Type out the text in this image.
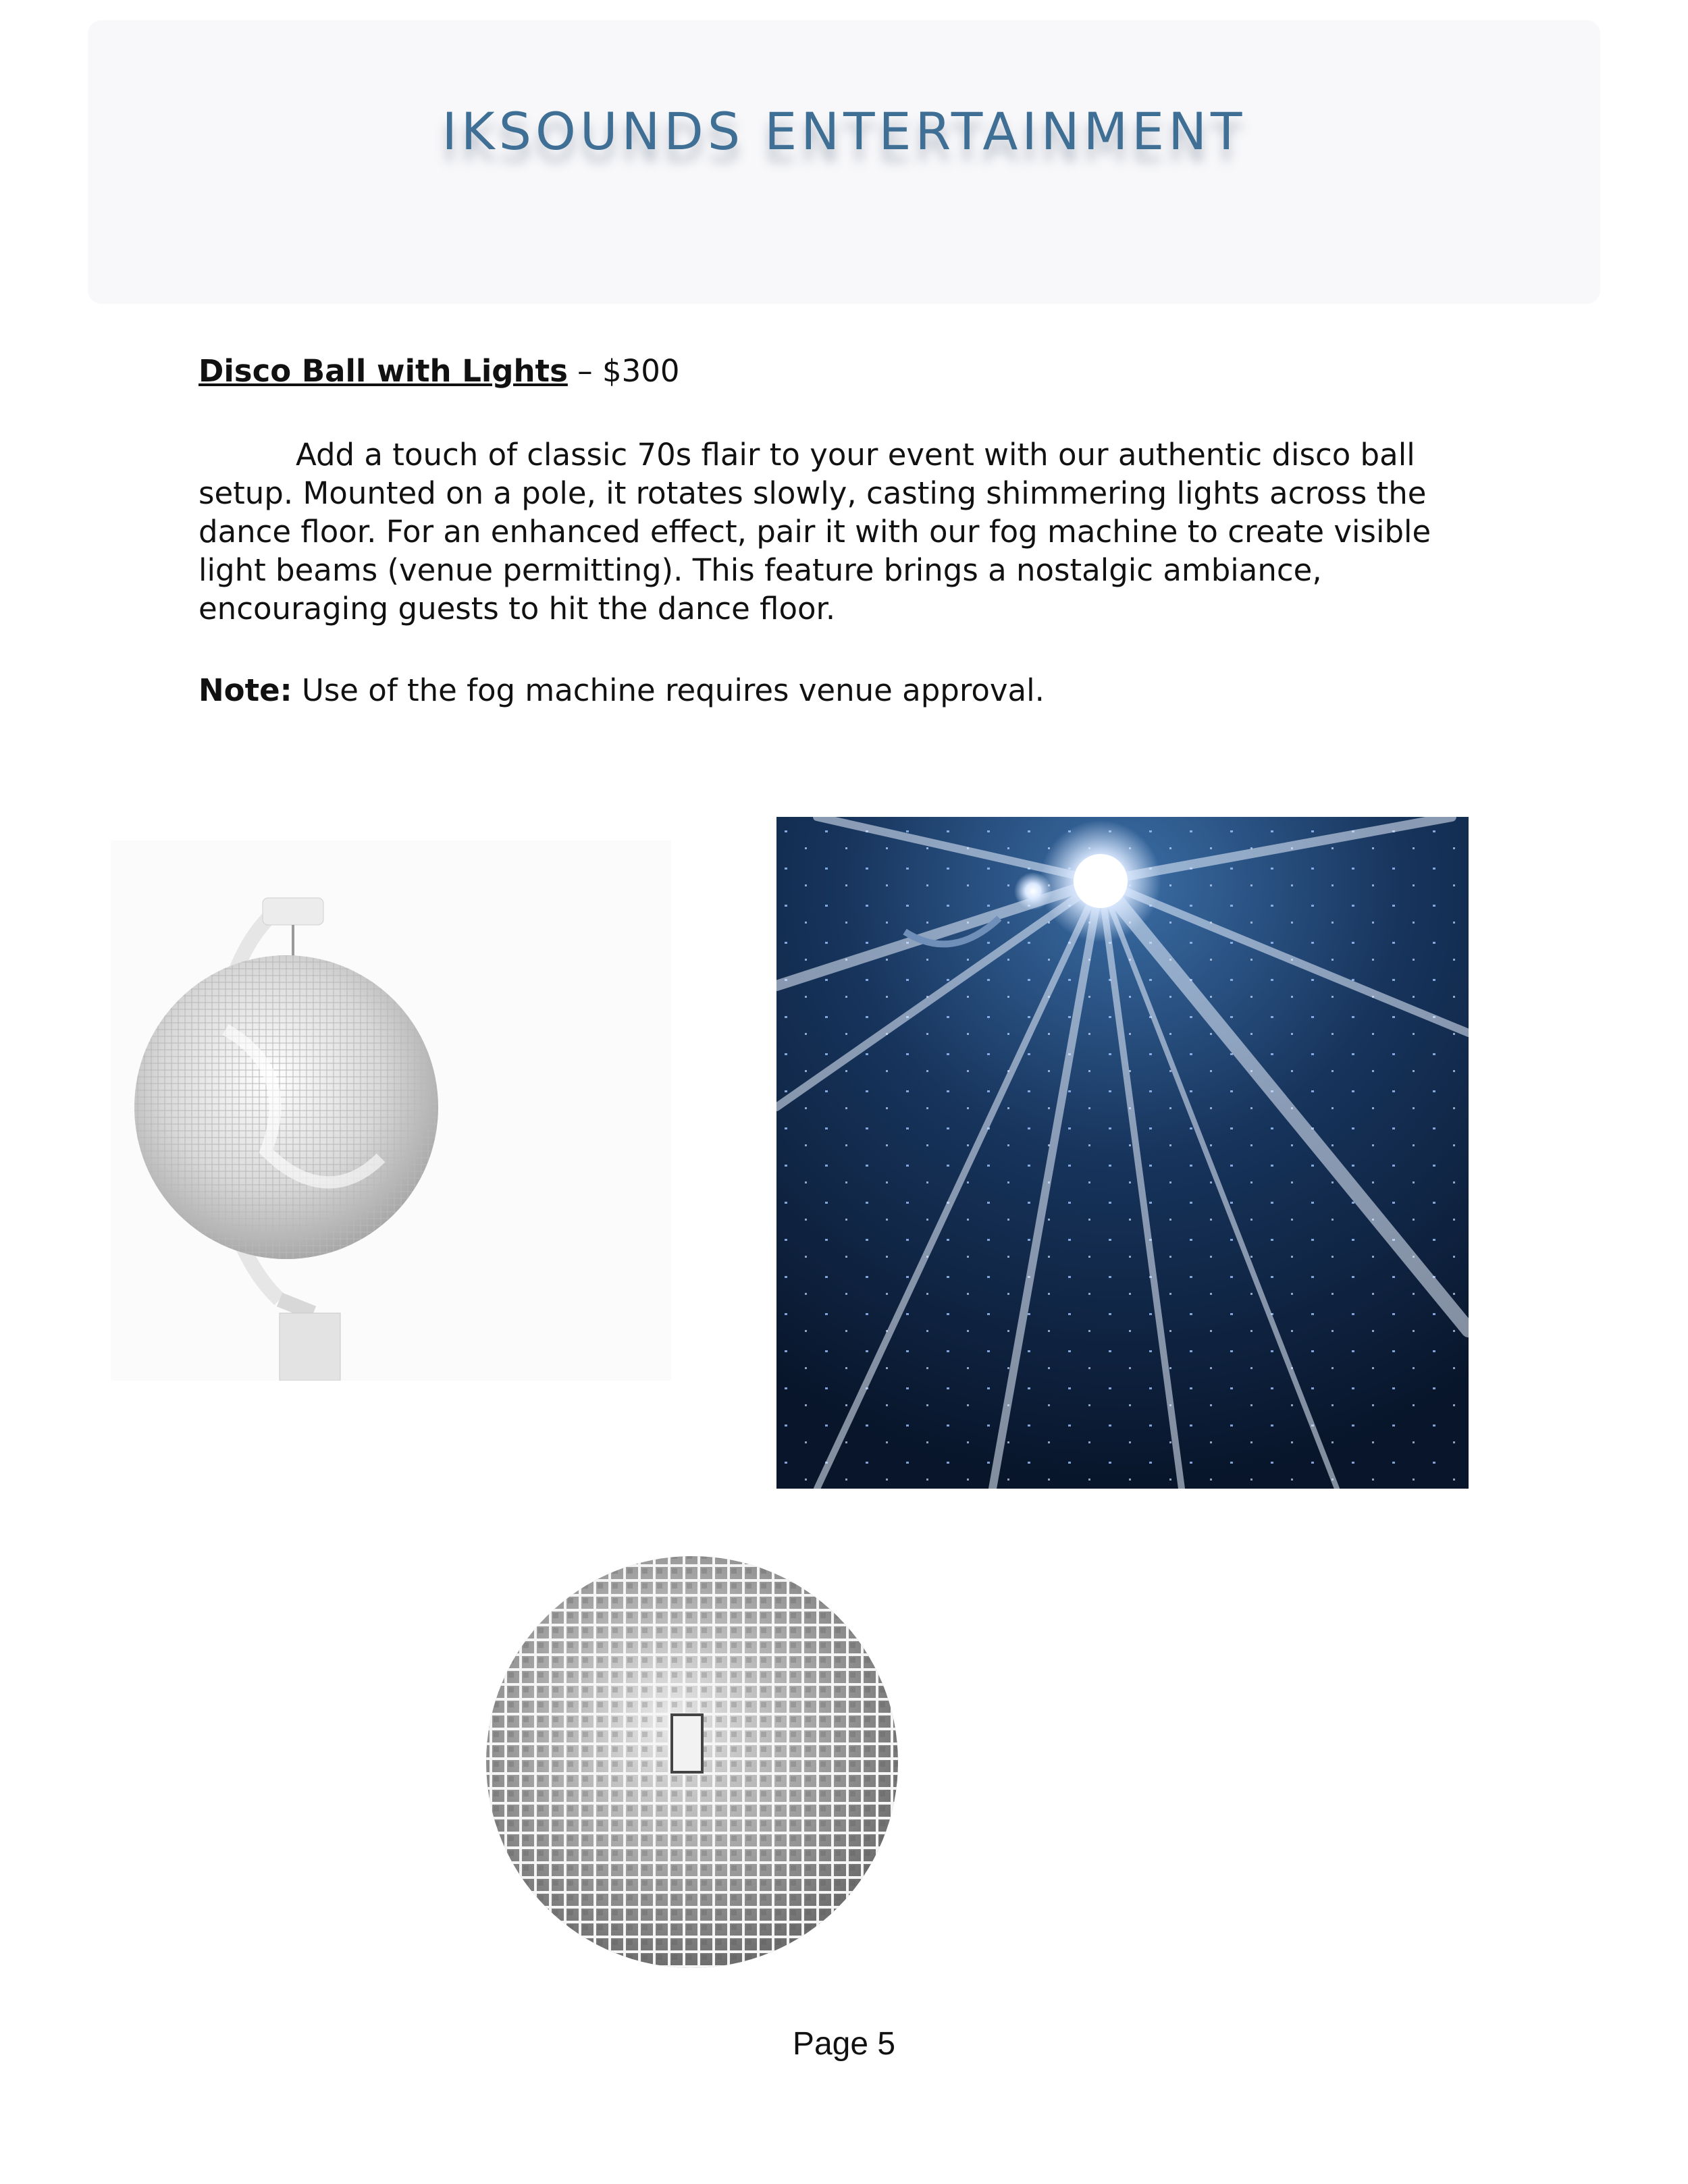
IKSOUNDS ENTERTAINMENT
Disco Ball with Lights – $300

Add a touch of classic 70s flair to your event with our authentic disco ball setup. Mounted on a pole, it rotates slowly, casting shimmering lights across the dance floor. For an enhanced effect, pair it with our fog machine to create visible light beams (venue permitting). This feature brings a nostalgic ambiance, encouraging guests to hit the dance floor.

Note: Use of the fog machine requires venue approval.
Page 5
